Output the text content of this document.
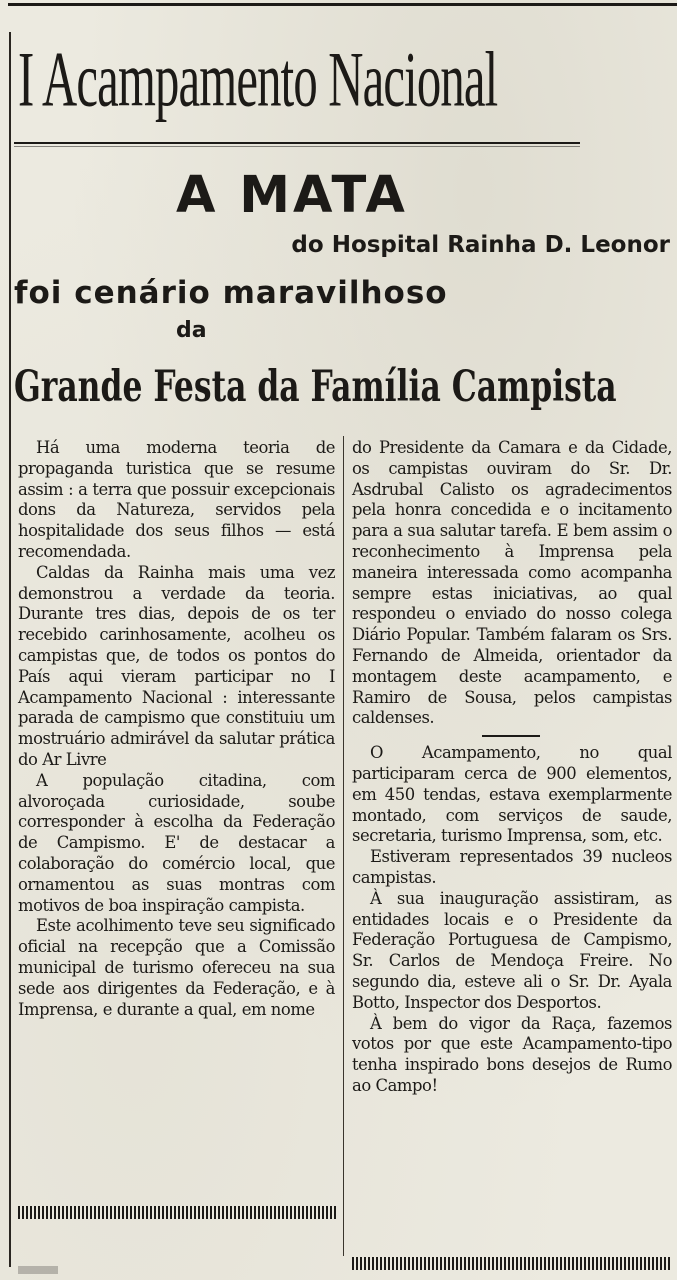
I Acampamento Nacional
A MATA
do Hospital Rainha D. Leonor
foi cenário maravilhoso
da
Grande Festa da Família Campista

Há uma moderna teoria de propaganda turistica que se resume assim : a terra que possuir excepcionais dons da Natureza, servidos pela hospitalidade dos seus filhos — está recomendada.

Caldas da Rainha mais uma vez demonstrou a verdade da teoria. Durante tres dias, depois de os ter recebido carinhosamente, acolheu os campistas que, de todos os pontos do País aqui vieram participar no I Acampamento Nacional : interessante parada de campismo que constituiu um mostruário admirável da salutar prática do Ar Livre

A população citadina, com alvoroçada curiosidade, soube corresponder à escolha da Federação de Campismo. E' de destacar a colaboração do comércio local, que ornamentou as suas montras com motivos de boa inspiração campista.

Este acolhimento teve seu significado oficial na recepção que a Comissão municipal de turismo ofereceu na sua sede aos dirigentes da Federação, e à Imprensa, e durante a qual, em nome

do Presidente da Camara e da Cidade, os campistas ouviram do Sr. Dr. Asdrubal Calisto os agradecimentos pela honra concedida e o incitamento para a sua salutar tarefa. E bem assim o reconhecimento à Imprensa pela maneira interessada como acompanha sempre estas iniciativas, ao qual respondeu o enviado do nosso colega Diário Popular. Também falaram os Srs. Fernando de Almeida, orientador da montagem deste acampamento, e Ramiro de Sousa, pelos campistas caldenses.

O Acampamento, no qual participaram cerca de 900 elementos, em 450 tendas, estava exemplarmente montado, com serviços de saude, secretaria, turismo Imprensa, som, etc.

Estiveram representados 39 nucleos campistas.

À sua inauguração assistiram, as entidades locais e o Presidente da Federação Portuguesa de Campismo, Sr. Carlos de Mendoça Freire. No segundo dia, esteve ali o Sr. Dr. Ayala Botto, Inspector dos Desportos.

À bem do vigor da Raça, fazemos votos por que este Acampamento-tipo tenha inspirado bons desejos de Rumo ao Campo!
